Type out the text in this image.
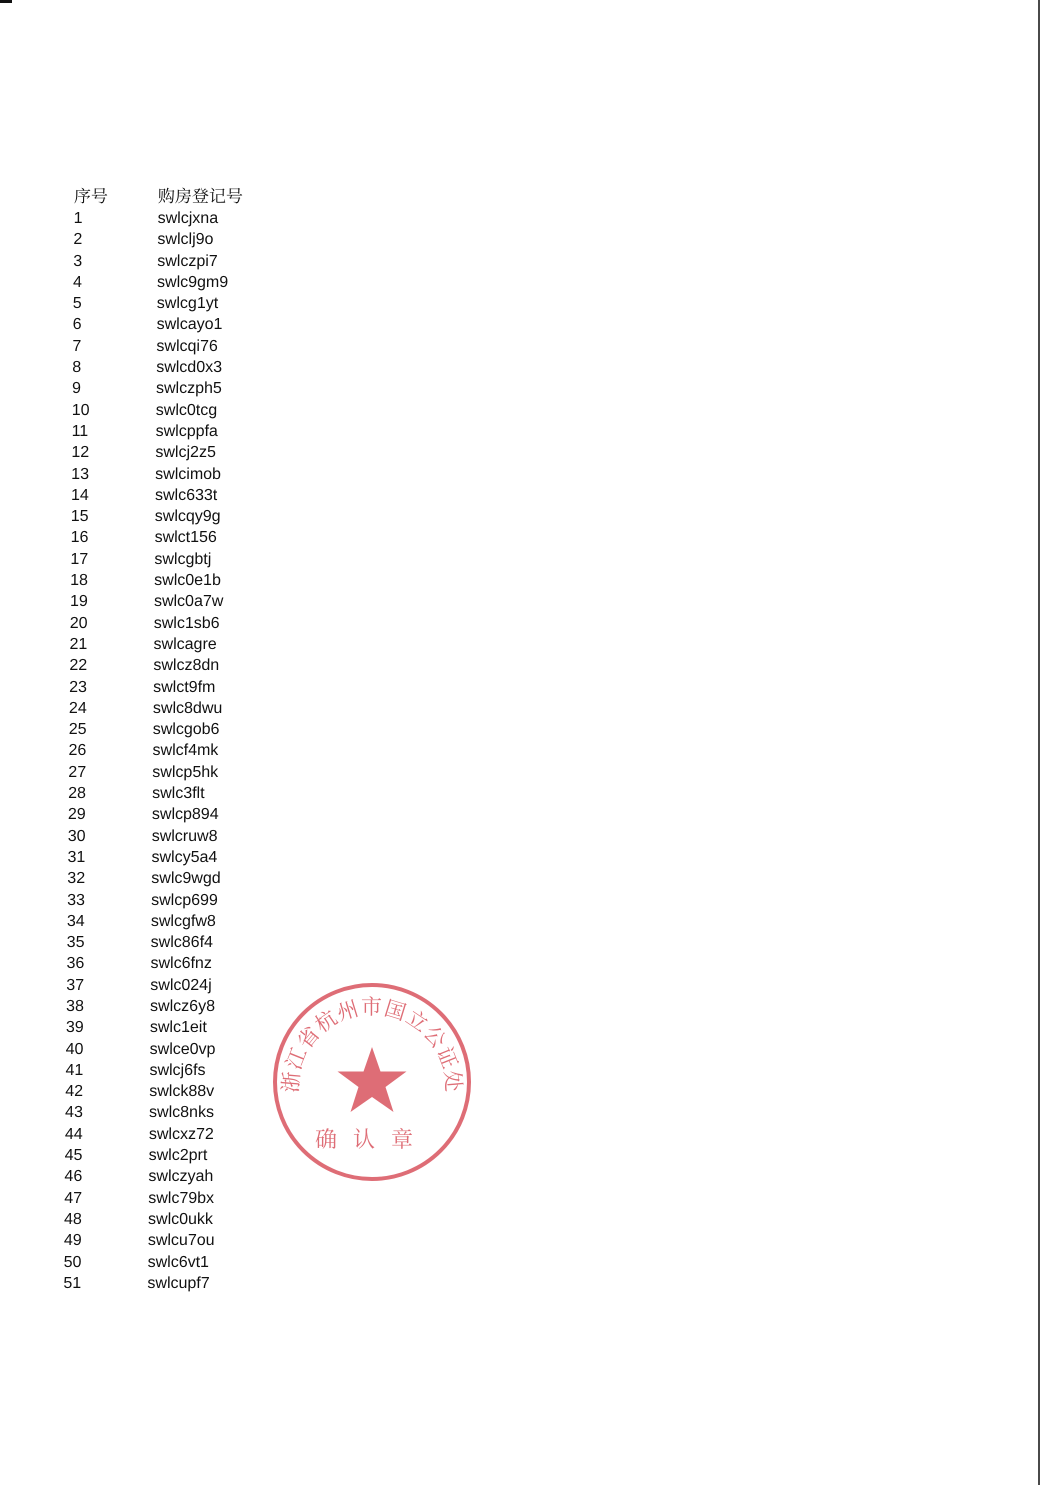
序号	购房登记号
1	swlcjxna
2	swlclj9o
3	swlczpi7
4	swlc9gm9
5	swlcg1yt
6	swlcayo1
7	swlcqi76
8	swlcd0x3
9	swlczph5
10	swlc0tcg
11	swlcppfa
12	swlcj2z5
13	swlcimob
14	swlc633t
15	swlcqy9g
16	swlct156
17	swlcgbtj
18	swlc0e1b
19	swlc0a7w
20	swlc1sb6
21	swlcagre
22	swlcz8dn
23	swlct9fm
24	swlc8dwu
25	swlcgob6
26	swlcf4mk
27	swlcp5hk
28	swlc3flt
29	swlcp894
30	swlcruw8
31	swlcy5a4
32	swlc9wgd
33	swlcp699
34	swlcgfw8
35	swlc86f4
36	swlc6fnz
37	swlc024j
38	swlcz6y8
39	swlc1eit
40	swlce0vp
41	swlcj6fs
42	swlck88v
43	swlc8nks
44	swlcxz72
45	swlc2prt
46	swlczyah
47	swlc79bx
48	swlc0ukk
49	swlcu7ou
50	swlc6vt1
51	swlcupf7
浙江省杭州市国立公证处
确认章
